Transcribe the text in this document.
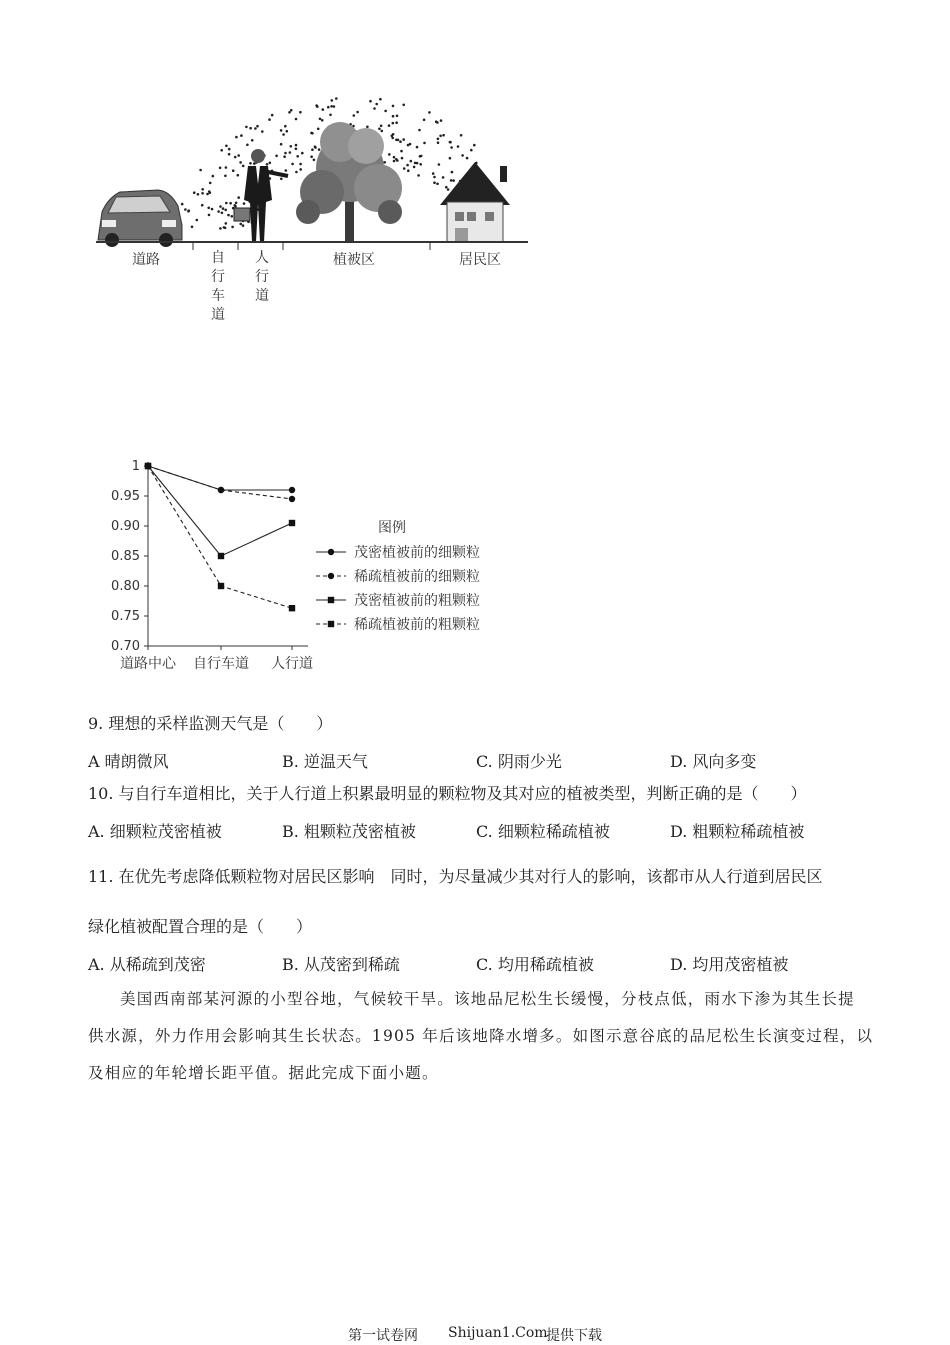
道路	自
行
车
道
人
行
道
植被区	居民区
1
0.95
0.90
0.85
0.80
0.75
0.70
道路中心 自行车道 人行道
图例
茂密植被前的细颗粒
稀疏植被前的细颗粒
茂密植被前的粗颗粒
稀疏植被前的粗颗粒
9. 理想的采样监测天气是（　　）
A 晴朗微风	B. 逆温天气	C. 阴雨少光	D. 风向多变
10. 与自行车道相比，关于人行道上积累最明显的颗粒物及其对应的植被类型，判断正确的是（　　）
A. 细颗粒茂密植被	B. 粗颗粒茂密植被	C. 细颗粒稀疏植被	D. 粗颗粒稀疏植被
11. 在优先考虑降低颗粒物对居民区影响　同时，为尽量减少其对行人的影响，该都市从人行道到居民区
绿化植被配置合理的是（　　）
A. 从稀疏到茂密	B. 从茂密到稀疏	C. 均用稀疏植被	D. 均用茂密植被
美国西南部某河源的小型谷地，气候较干旱。该地品尼松生长缓慢，分枝点低，雨水下渗为其生长提
供水源，外力作用会影响其生长状态。1905 年后该地降水增多。如图示意谷底的品尼松生长演变过程，以
及相应的年轮增长距平值。据此完成下面小题。
第一试卷网 Shijuan1.Com
提供下载
